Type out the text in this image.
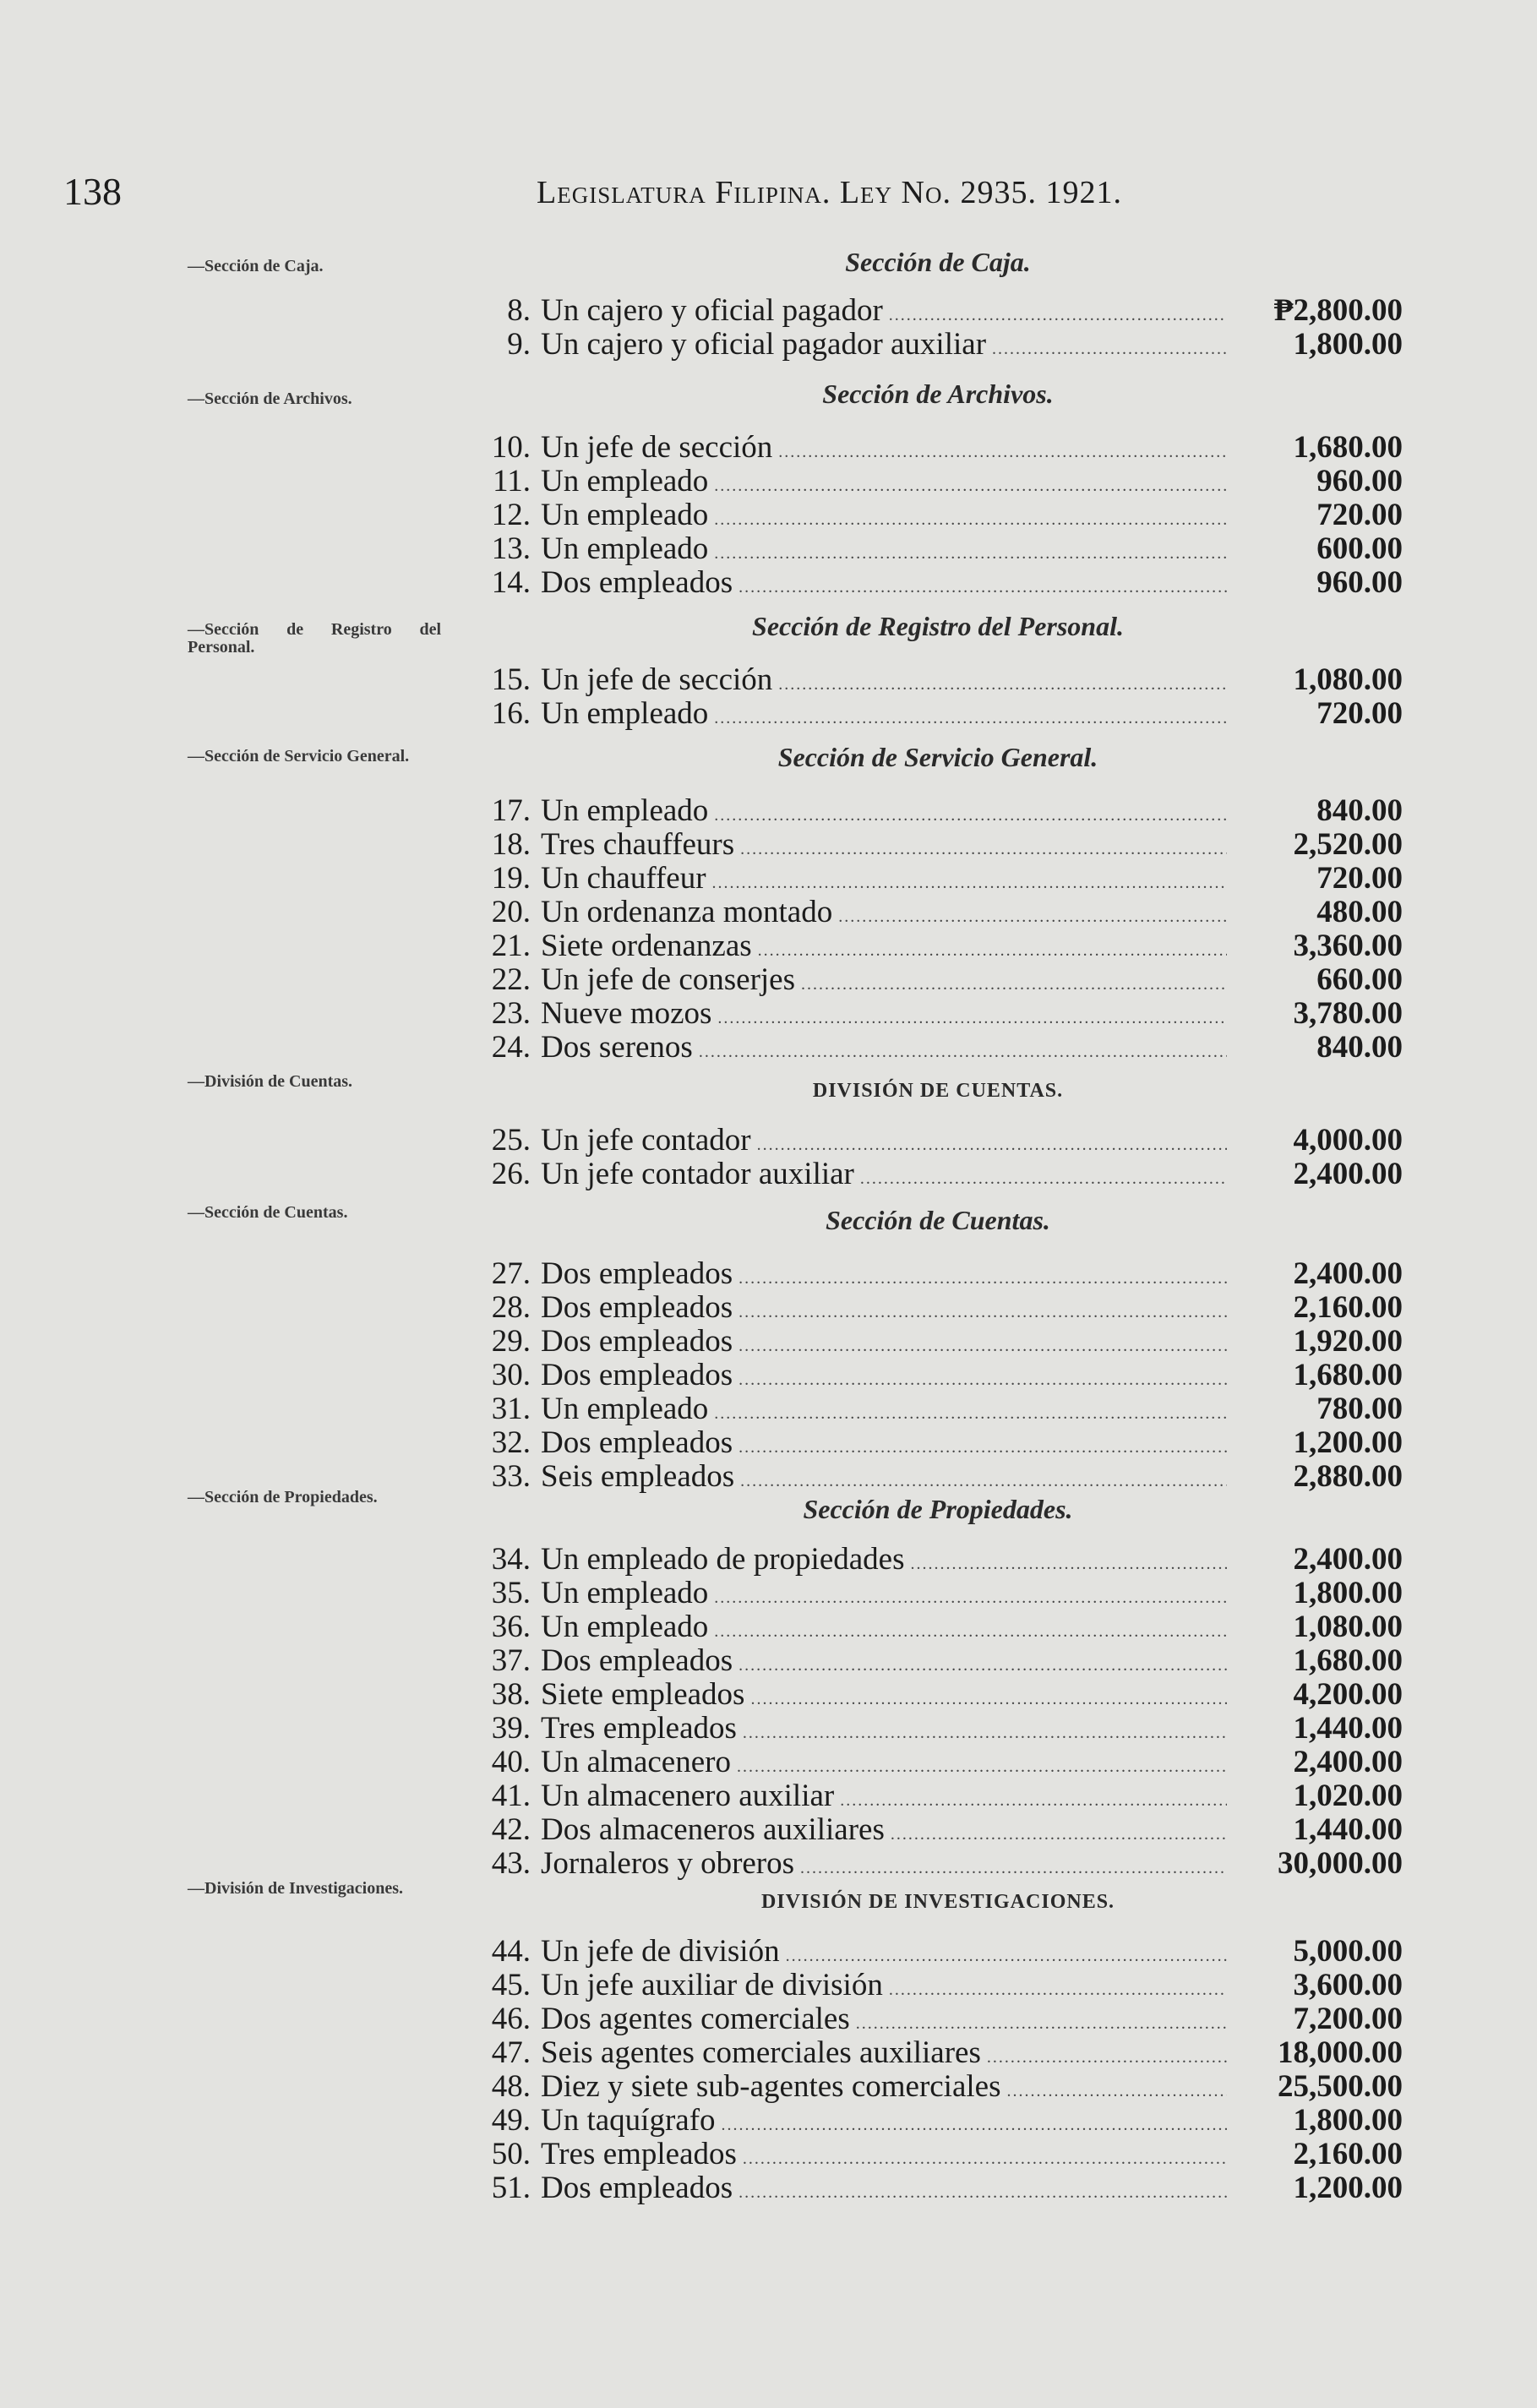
138	Legislatura Filipina. Ley No. 2935. 1921.
—Sección de Caja.
—Sección de Archivos.
—Sección de Registro del Personal.
—Sección de Servicio General.
—División de Cuentas.
—Sección de Cuentas.
—Sección de Propiedades.
—División de Investigaciones.
Sección de Caja.
Sección de Archivos.
Sección de Registro del Personal.
Sección de Servicio General.
DIVISIÓN DE CUENTAS.
Sección de Cuentas.
Sección de Propiedades.
DIVISIÓN DE INVESTIGACIONES.
8. Un cajero y oficial pagador .....	₱2,800.00
9. Un cajero y oficial pagador auxiliar .....	1,800.00
10. Un jefe de sección .....	1,680.00
11. Un empleado .....	960.00
12. Un empleado .....	720.00
13. Un empleado .....	600.00
14. Dos empleados .....	960.00
15. Un jefe de sección .....	1,080.00
16. Un empleado .....	720.00
17. Un empleado .....	840.00
18. Tres chauffeurs .....	2,520.00
19. Un chauffeur .....	720.00
20. Un ordenanza montado .....	480.00
21. Siete ordenanzas .....	3,360.00
22. Un jefe de conserjes .....	660.00
23. Nueve mozos .....	3,780.00
24. Dos serenos .....	840.00
25. Un jefe contador .....	4,000.00
26. Un jefe contador auxiliar .....	2,400.00
27. Dos empleados .....	2,400.00
28. Dos empleados .....	2,160.00
29. Dos empleados .....	1,920.00
30. Dos empleados .....	1,680.00
31. Un empleado .....	780.00
32. Dos empleados .....	1,200.00
33. Seis empleados .....	2,880.00
34. Un empleado de propiedades .....	2,400.00
35. Un empleado .....	1,800.00
36. Un empleado .....	1,080.00
37. Dos empleados .....	1,680.00
38. Siete empleados .....	4,200.00
39. Tres empleados .....	1,440.00
40. Un almacenero .....	2,400.00
41. Un almacenero auxiliar .....	1,020.00
42. Dos almaceneros auxiliares .....	1,440.00
43. Jornaleros y obreros .....	30,000.00
44. Un jefe de división .....	5,000.00
45. Un jefe auxiliar de división .....	3,600.00
46. Dos agentes comerciales .....	7,200.00
47. Seis agentes comerciales auxiliares .....	18,000.00
48. Diez y siete sub-agentes comerciales .....	25,500.00
49. Un taquígrafo .....	1,800.00
50. Tres empleados .....	2,160.00
51. Dos empleados .....	1,200.00
